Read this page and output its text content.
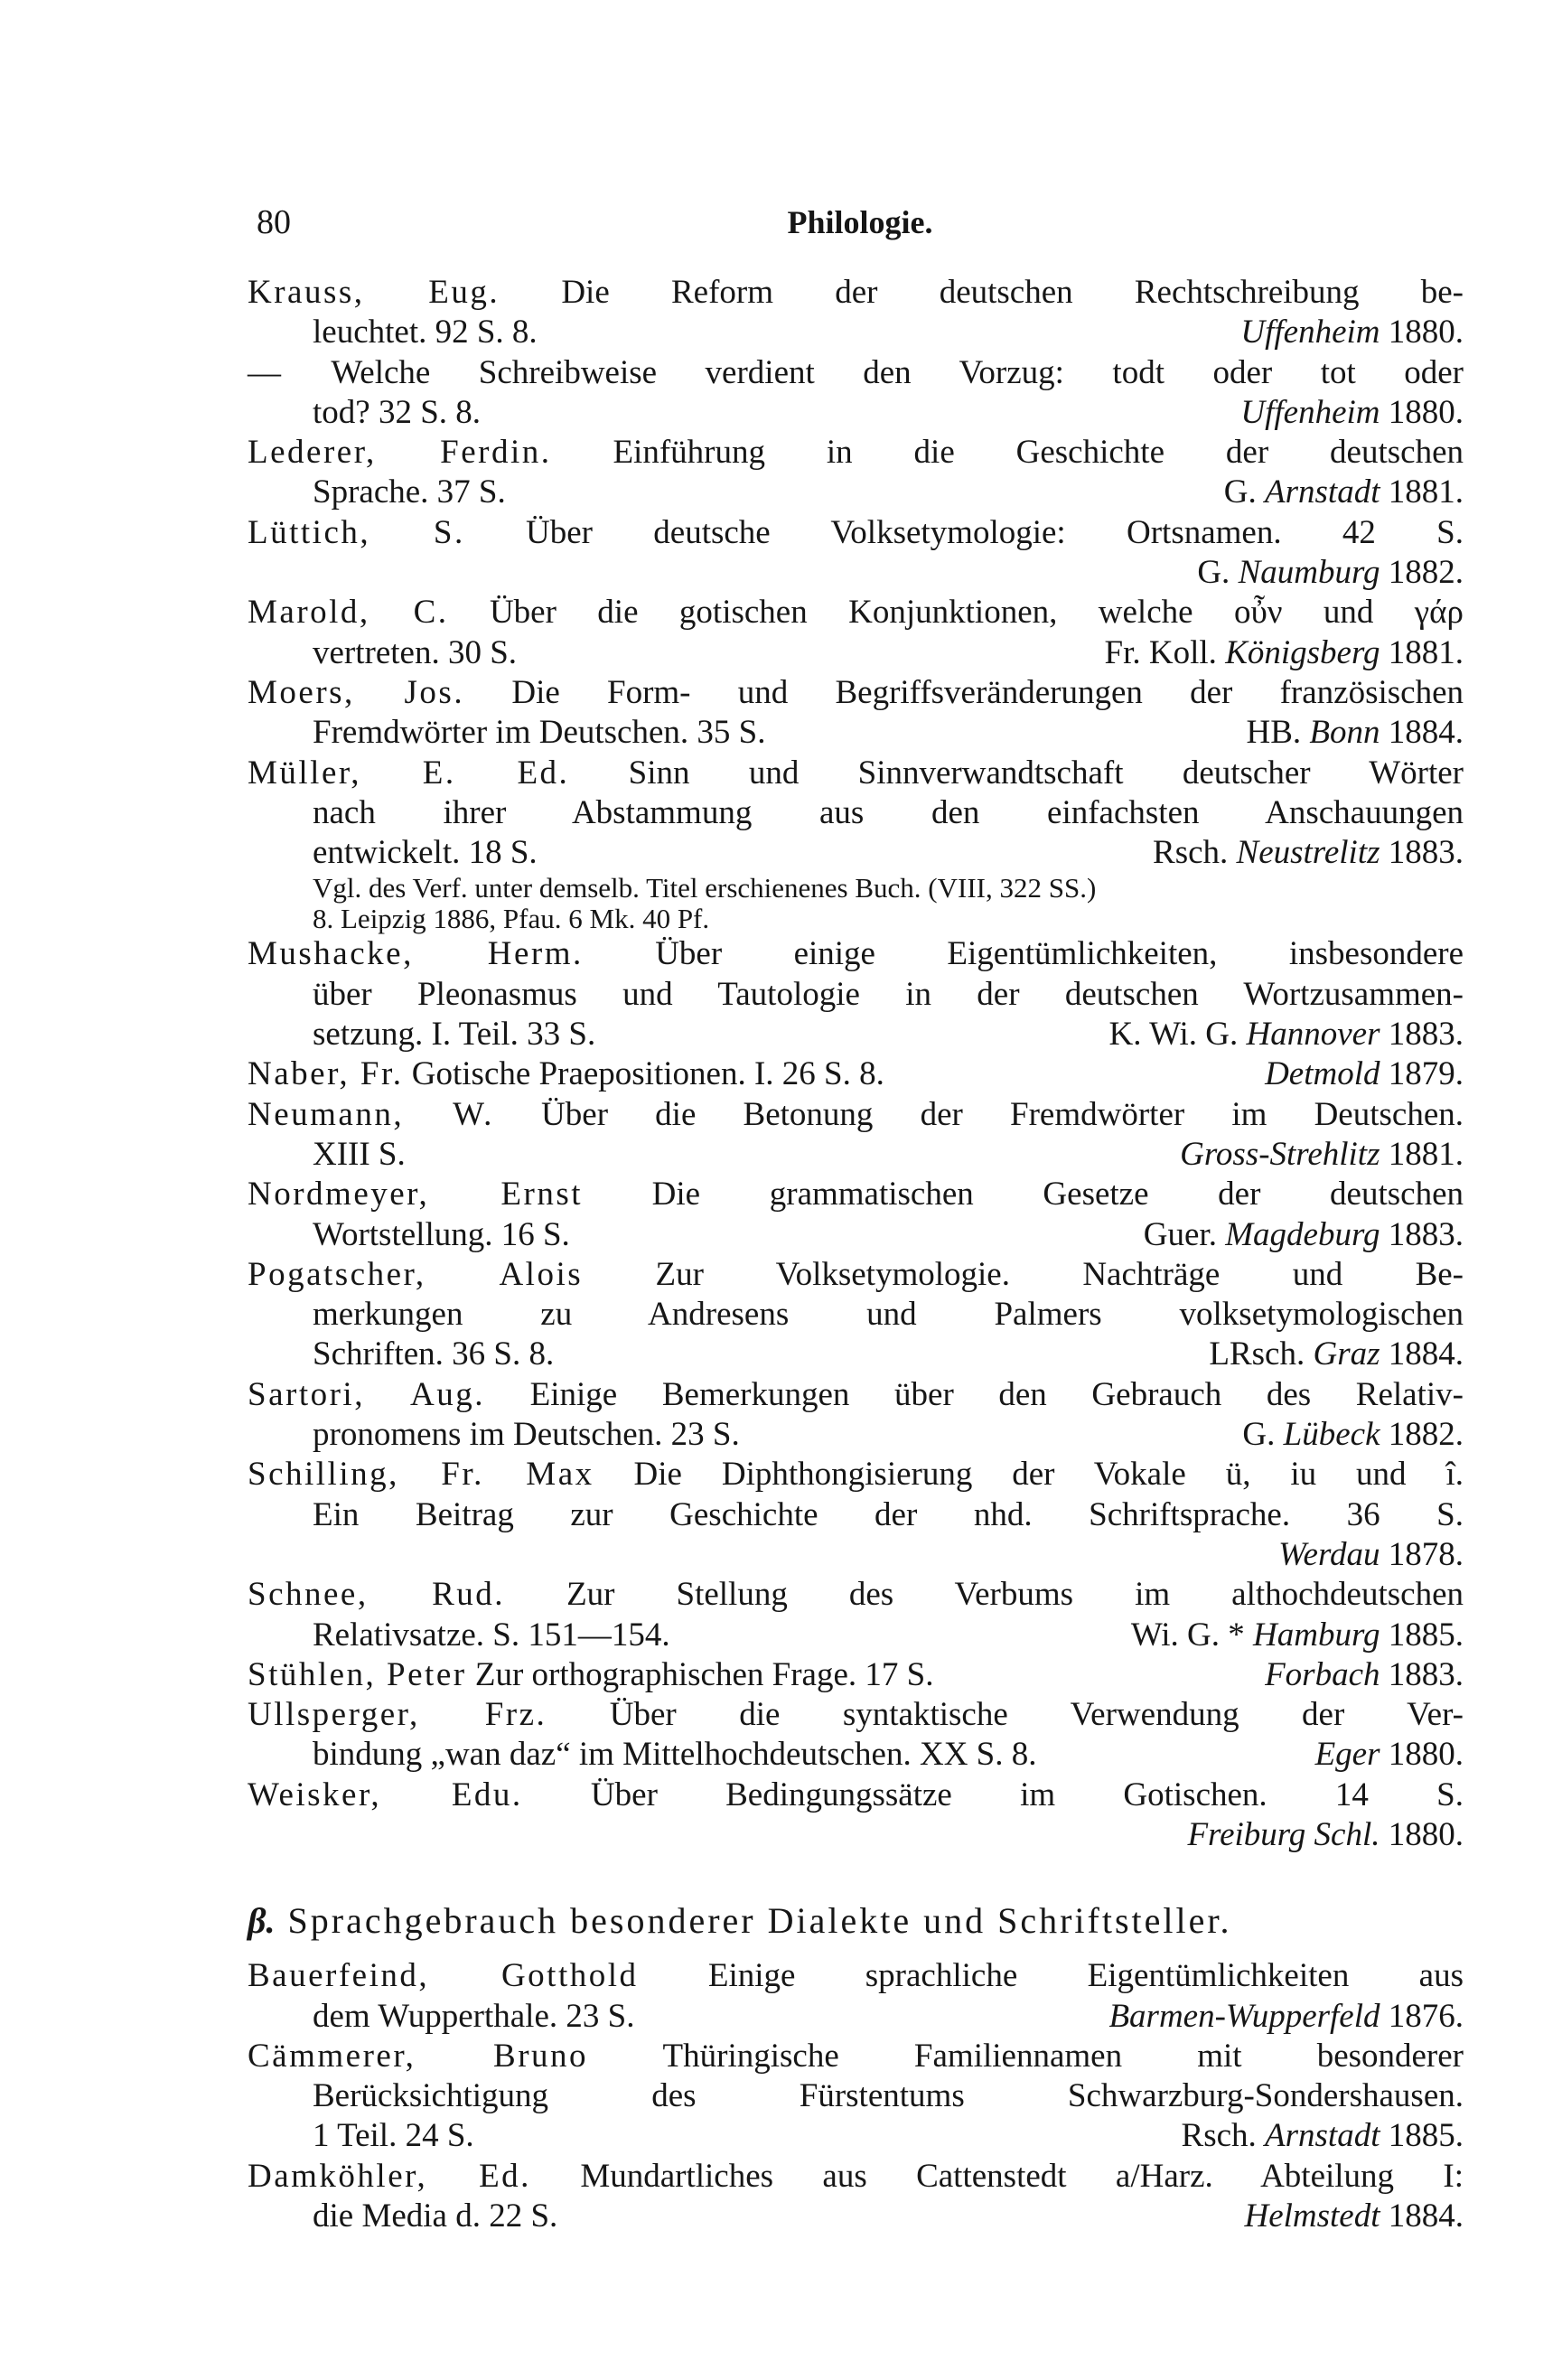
80	Philologie.
Krauss, Eug. Die Reform der deutschen Rechtschreibung be-
leuchtet. 92 S. 8.	Uffenheim 1880.
— Welche Schreibweise verdient den Vorzug: todt oder tot oder
tod? 32 S. 8.	Uffenheim 1880.
Lederer, Ferdin. Einführung in die Geschichte der deutschen
Sprache. 37 S.	G. Arnstadt 1881.
Lüttich, S. Über deutsche Volksetymologie: Ortsnamen. 42 S.
G. Naumburg 1882.
Marold, C. Über die gotischen Konjunktionen, welche οὖν und γάρ
vertreten. 30 S.	Fr. Koll. Königsberg 1881.
Moers, Jos. Die Form- und Begriffsveränderungen der französischen
Fremdwörter im Deutschen. 35 S.	HB. Bonn 1884.
Müller, E. Ed. Sinn und Sinnverwandtschaft deutscher Wörter
nach ihrer Abstammung aus den einfachsten Anschauungen
entwickelt. 18 S.	Rsch. Neustrelitz 1883.
Vgl. des Verf. unter demselb. Titel erschienenes Buch. (VIII, 322 SS.)
8. Leipzig 1886, Pfau. 6 Mk. 40 Pf.
Mushacke, Herm. Über einige Eigentümlichkeiten, insbesondere
über Pleonasmus und Tautologie in der deutschen Wortzusammen-
setzung. I. Teil. 33 S.	K. Wi. G. Hannover 1883.
Naber, Fr. Gotische Praepositionen. I. 26 S. 8.	Detmold 1879.
Neumann, W. Über die Betonung der Fremdwörter im Deutschen.
XIII S.	Gross-Strehlitz 1881.
Nordmeyer, Ernst Die grammatischen Gesetze der deutschen
Wortstellung. 16 S.	Guer. Magdeburg 1883.
Pogatscher, Alois Zur Volksetymologie. Nachträge und Be-
merkungen zu Andresens und Palmers volksetymologischen
Schriften. 36 S. 8.	LRsch. Graz 1884.
Sartori, Aug. Einige Bemerkungen über den Gebrauch des Relativ-
pronomens im Deutschen. 23 S.	G. Lübeck 1882.
Schilling, Fr. Max Die Diphthongisierung der Vokale ü, iu und î.
Ein Beitrag zur Geschichte der nhd. Schriftsprache. 36 S.
Werdau 1878.
Schnee, Rud. Zur Stellung des Verbums im althochdeutschen
Relativsatze. S. 151—154.	Wi. G. * Hamburg 1885.
Stühlen, Peter Zur orthographischen Frage. 17 S.	Forbach 1883.
Ullsperger, Frz. Über die syntaktische Verwendung der Ver-
bindung „wan daz“ im Mittelhochdeutschen. XX S. 8.	Eger 1880.
Weisker, Edu. Über Bedingungssätze im Gotischen. 14 S.
Freiburg Schl. 1880.
β. Sprachgebrauch besonderer Dialekte und Schriftsteller.
Bauerfeind, Gotthold Einige sprachliche Eigentümlichkeiten aus
dem Wupperthale. 23 S.	Barmen-Wupperfeld 1876.
Cämmerer, Bruno Thüringische Familiennamen mit besonderer
Berücksichtigung des Fürstentums Schwarzburg-Sondershausen.
1 Teil. 24 S.	Rsch. Arnstadt 1885.
Damköhler, Ed. Mundartliches aus Cattenstedt a/Harz. Abteilung I:
die Media d. 22 S.	Helmstedt 1884.
